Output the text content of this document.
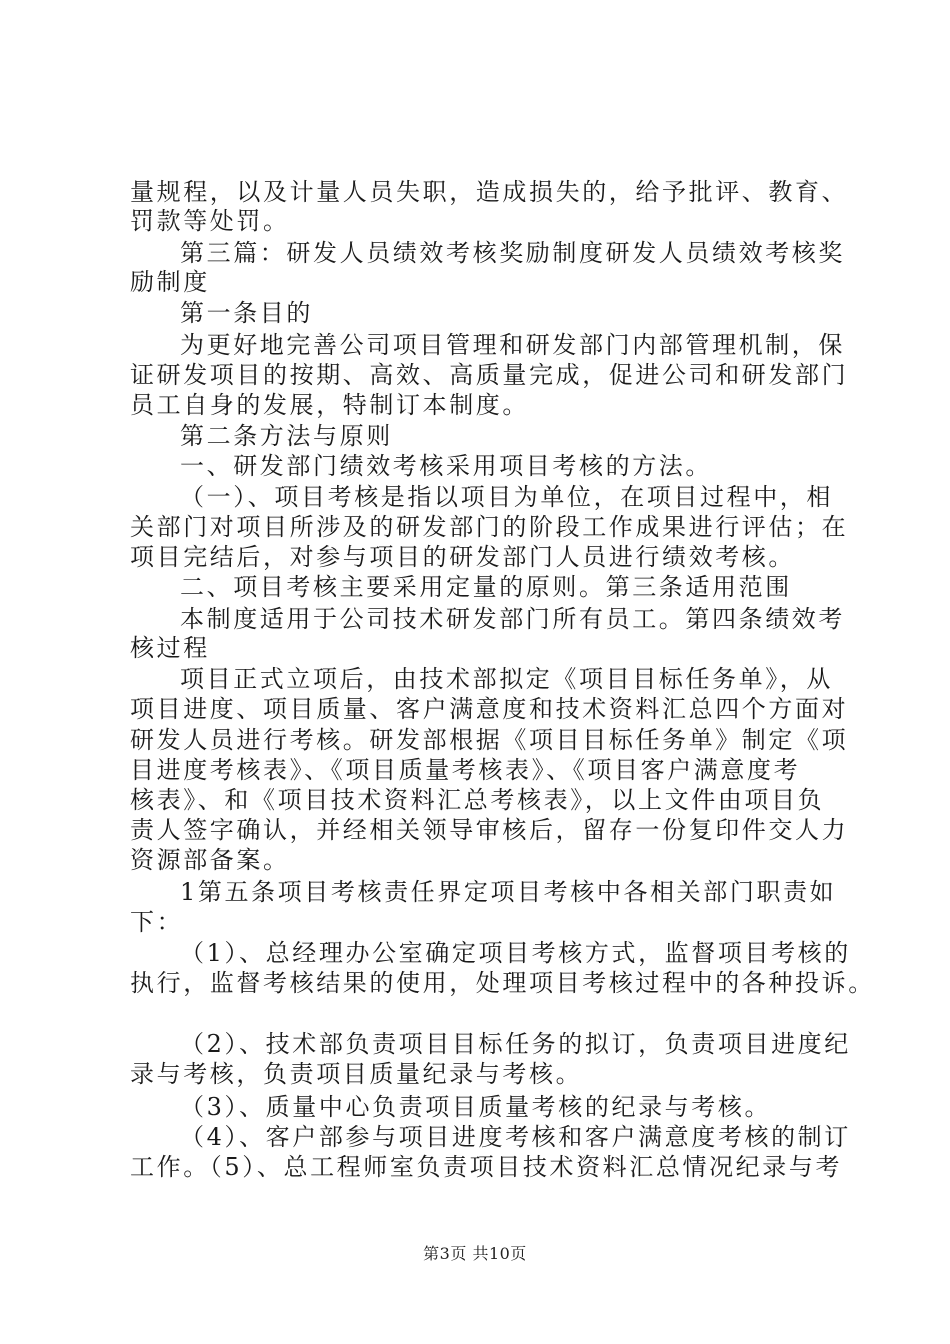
量规程，以及计量人员失职，造成损失的，给予批评、教育、
罚款等处罚。
第三篇：研发人员绩效考核奖励制度研发人员绩效考核奖
励制度
第一条目的
为更好地完善公司项目管理和研发部门内部管理机制，保
证研发项目的按期、高效、高质量完成，促进公司和研发部门
员工自身的发展，特制订本制度。
第二条方法与原则
一、研发部门绩效考核采用项目考核的方法。
（一）、项目考核是指以项目为单位，在项目过程中，相
关部门对项目所涉及的研发部门的阶段工作成果进行评估；在
项目完结后，对参与项目的研发部门人员进行绩效考核。
二、项目考核主要采用定量的原则。第三条适用范围
本制度适用于公司技术研发部门所有员工。第四条绩效考
核过程
项目正式立项后，由技术部拟定《项目目标任务单》，从
项目进度、项目质量、客户满意度和技术资料汇总四个方面对
研发人员进行考核。研发部根据《项目目标任务单》制定《项
目进度考核表》、《项目质量考核表》、《项目客户满意度考
核表》、和《项目技术资料汇总考核表》，以上文件由项目负
责人签字确认，并经相关领导审核后，留存一份复印件交人力
资源部备案。
1第五条项目考核责任界定项目考核中各相关部门职责如
下：
（1）、总经理办公室确定项目考核方式，监督项目考核的
执行，监督考核结果的使用，处理项目考核过程中的各种投诉。
（2）、技术部负责项目目标任务的拟订，负责项目进度纪
录与考核，负责项目质量纪录与考核。
（3）、质量中心负责项目质量考核的纪录与考核。
（4）、客户部参与项目进度考核和客户满意度考核的制订
工作。（5）、总工程师室负责项目技术资料汇总情况纪录与考
第3页 共10页
